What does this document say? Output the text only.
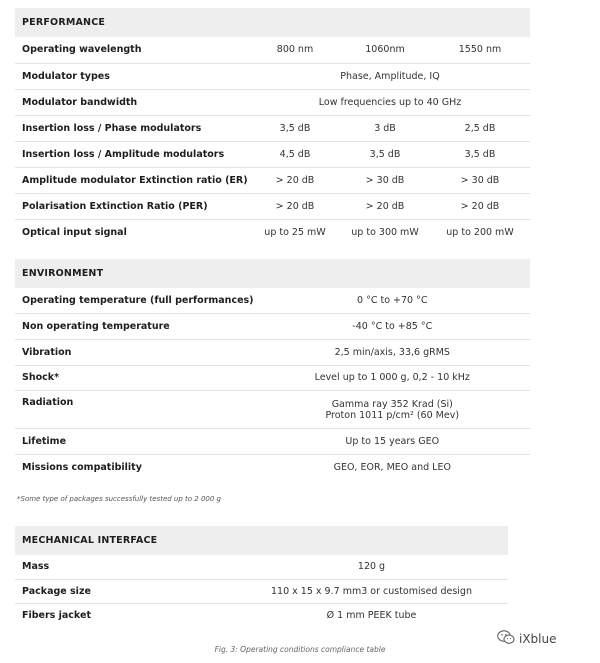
PERFORMANCE			
Operating wavelength	800 nm	1060nm	1550 nm
Modulator types	Phase, Amplitude, IQ		
Modulator bandwidth	Low frequencies up to 40 GHz		
Insertion loss / Phase modulators	3,5 dB	3 dB	2,5 dB
Insertion loss / Amplitude modulators	4,5 dB	3,5 dB	3,5 dB
Amplitude modulator Extinction ratio (ER)	> 20 dB	> 30 dB	> 30 dB
Polarisation Extinction Ratio (PER)	> 20 dB	> 20 dB	> 20 dB
Optical input signal	up to 25 mW	up to 300 mW	up to 200 mW
ENVIRONMENT	
Operating temperature (full performances)	0 °C to +70 °C
Non operating temperature	-40 °C to +85 °C
Vibration	2,5 min/axis, 33,6 gRMS
Shock*	Level up to 1 000 g, 0,2 - 10 kHz
Radiation	Gamma ray 352 Krad (Si)
Proton 1011 p/cm² (60 Mev)

Lifetime	Up to 15 years GEO
Missions compatibility	GEO, EOR, MEO and LEO
*Some type of packages successfully tested up to 2 000 g
MECHANICAL INTERFACE	
Mass	120 g
Package size	110 x 15 x 9.7 mm3 or customised design
Fibers jacket	Ø 1 mm PEEK tube
iXblue
Fig. 3: Operating conditions compliance table
